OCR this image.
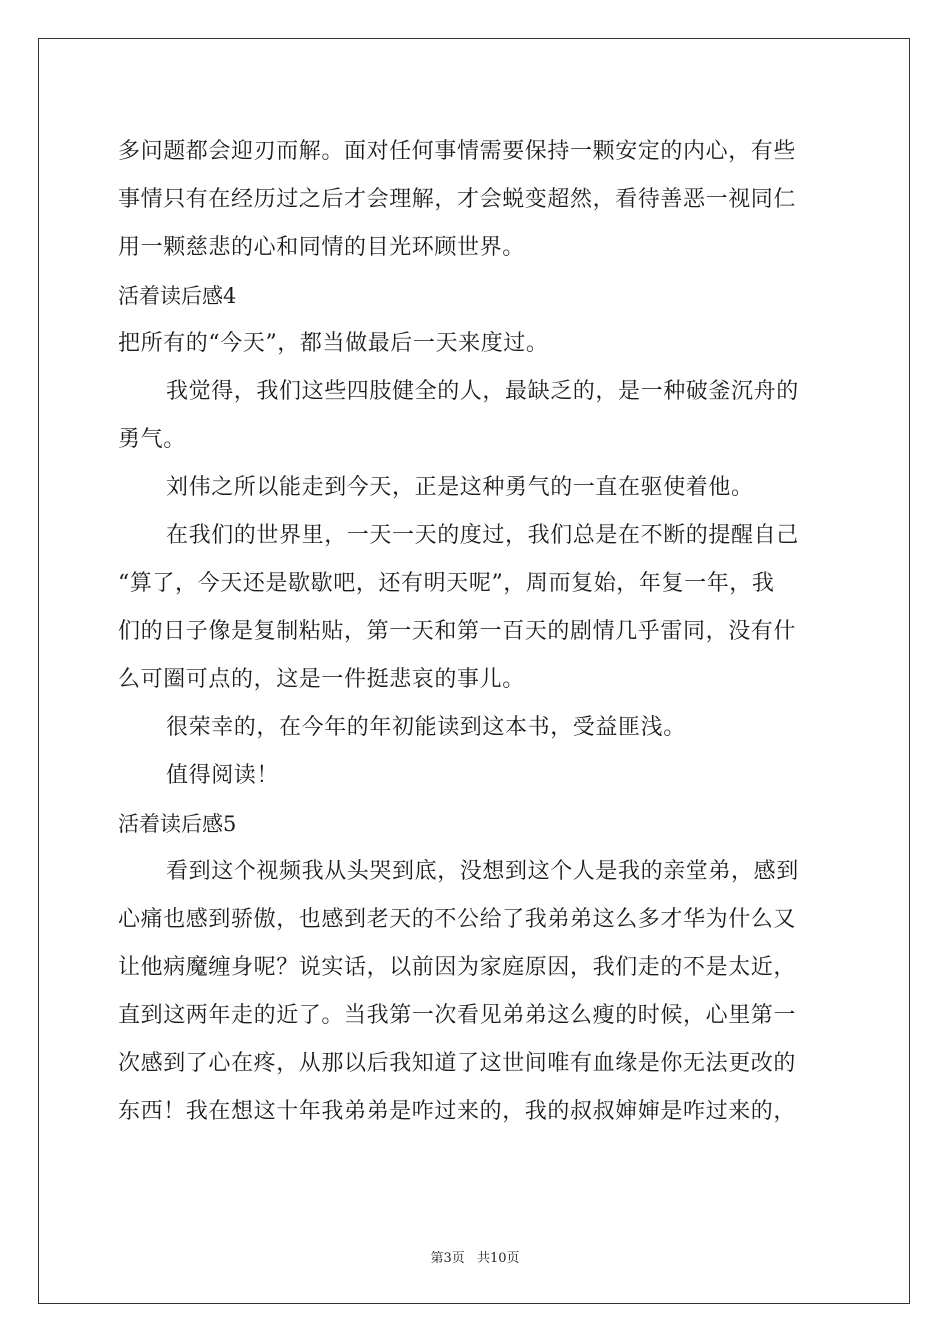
多问题都会迎刃而解。面对任何事情需要保持一颗安定的内心，有些
事情只有在经历过之后才会理解，才会蜕变超然，看待善恶一视同仁
用一颗慈悲的心和同情的目光环顾世界。
活着读后感4
把所有的“今天”，都当做最后一天来度过。
我觉得，我们这些四肢健全的人，最缺乏的，是一种破釜沉舟的
勇气。
刘伟之所以能走到今天，正是这种勇气的一直在驱使着他。
在我们的世界里，一天一天的度过，我们总是在不断的提醒自己
“算了，今天还是歇歇吧，还有明天呢”，周而复始，年复一年，我
们的日子像是复制粘贴，第一天和第一百天的剧情几乎雷同，没有什
么可圈可点的，这是一件挺悲哀的事儿。
很荣幸的，在今年的年初能读到这本书，受益匪浅。
值得阅读！
活着读后感5
看到这个视频我从头哭到底，没想到这个人是我的亲堂弟，感到
心痛也感到骄傲，也感到老天的不公给了我弟弟这么多才华为什么又
让他病魔缠身呢？说实话，以前因为家庭原因，我们走的不是太近，
直到这两年走的近了。当我第一次看见弟弟这么瘦的时候，心里第一
次感到了心在疼，从那以后我知道了这世间唯有血缘是你无法更改的
东西！我在想这十年我弟弟是咋过来的，我的叔叔婶婶是咋过来的，
第3页 共10页
